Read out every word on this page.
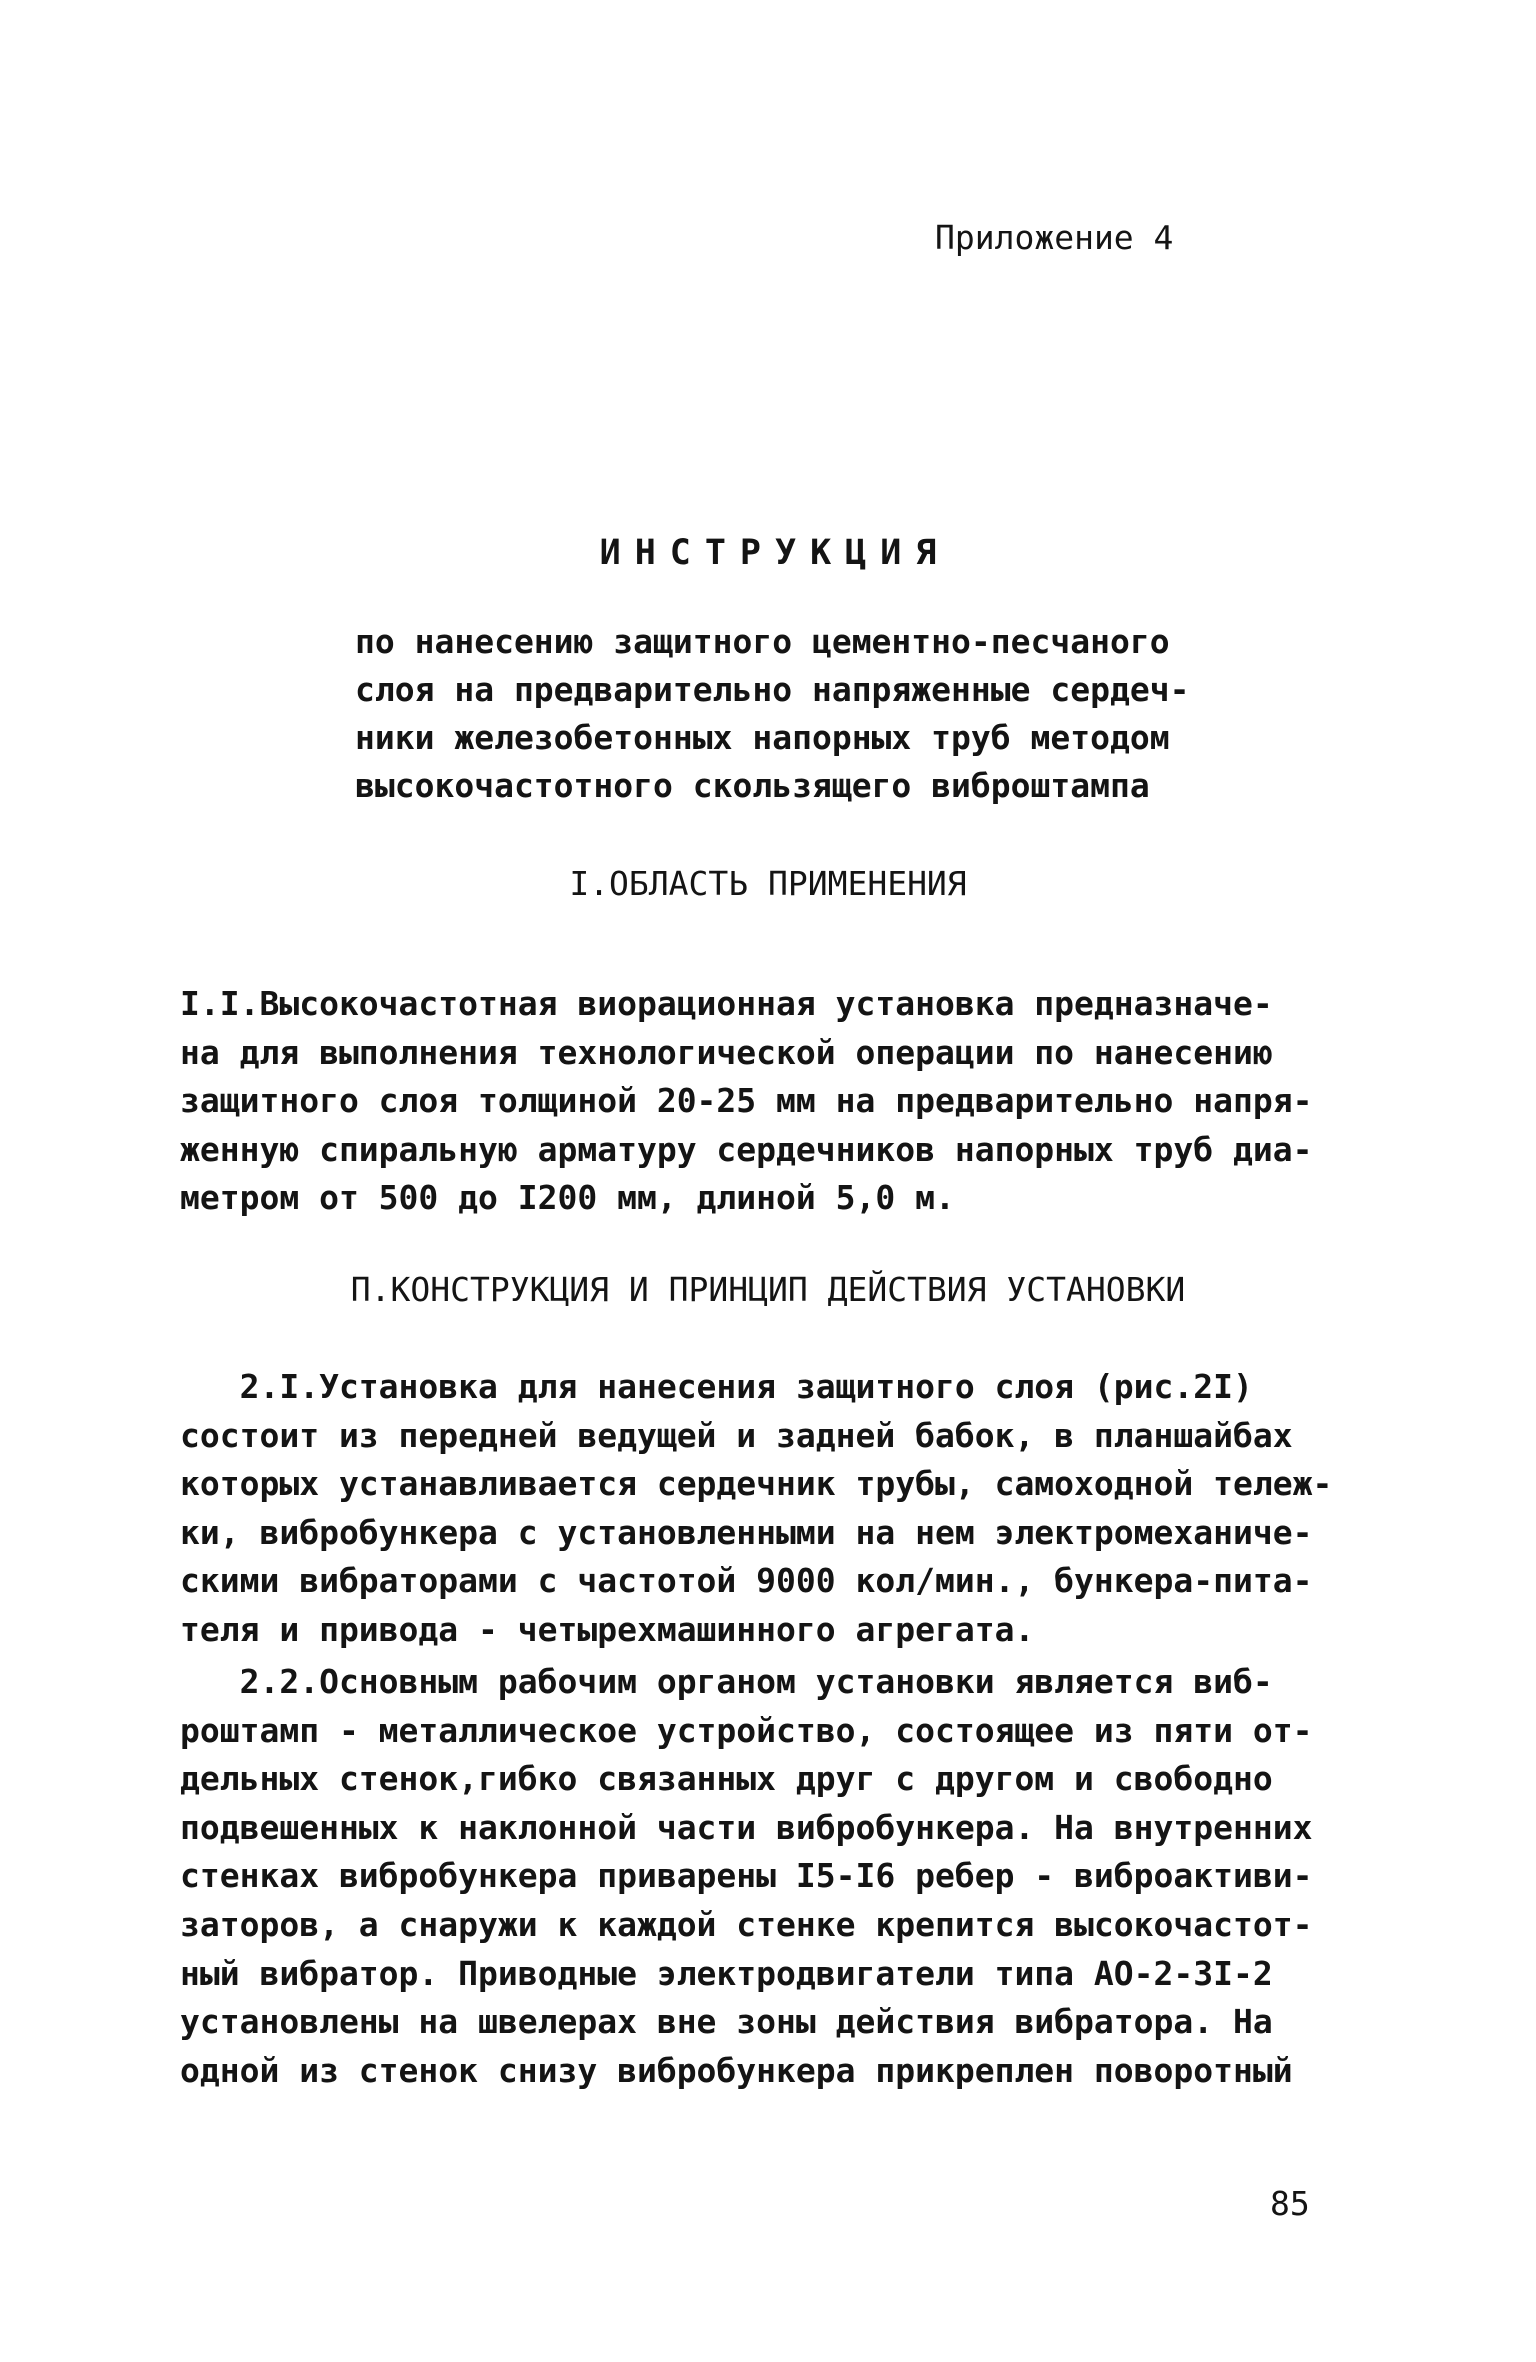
Приложение 4
ИНСТРУКЦИЯ
по нанесению защитного цементно-песчаного
слоя на предварительно напряженные сердеч-
ники железобетонных напорных труб методом
высокочастотного скользящего виброштампа
I.ОБЛАСТЬ ПРИМЕНЕНИЯ
I.I.Высокочастотная виорационная установка предназначе-
на для выполнения технологической операции по нанесению
защитного слоя толщиной 20-25 мм на предварительно напря-
женную спиральную арматуру сердечников напорных труб диа-
метром от 500 до I200 мм, длиной 5,0 м.
П.КОНСТРУКЦИЯ И ПРИНЦИП ДЕЙСТВИЯ УСТАНОВКИ
2.I.Установка для нанесения защитного слоя (рис.2I)
состоит из передней ведущей и задней бабок, в планшайбах
которых устанавливается сердечник трубы, самоходной тележ-
ки, вибробункера с установленными на нем электромеханиче-
скими вибраторами с частотой 9000 кол/мин., бункера-пита-
теля и привода - четырехмашинного агрегата.
2.2.Основным рабочим органом установки является виб-
роштамп - металлическое устройство, состоящее из пяти от-
дельных стенок,гибко связанных друг с другом и свободно
подвешенных к наклонной части вибробункера. На внутренних
стенках вибробункера приварены I5-I6 ребер - виброактиви-
заторов, а снаружи к каждой стенке крепится высокочастот-
ный вибратор. Приводные электродвигатели типа АО-2-3I-2
установлены на швелерах вне зоны действия вибратора. На
одной из стенок снизу вибробункера прикреплен поворотный
85
